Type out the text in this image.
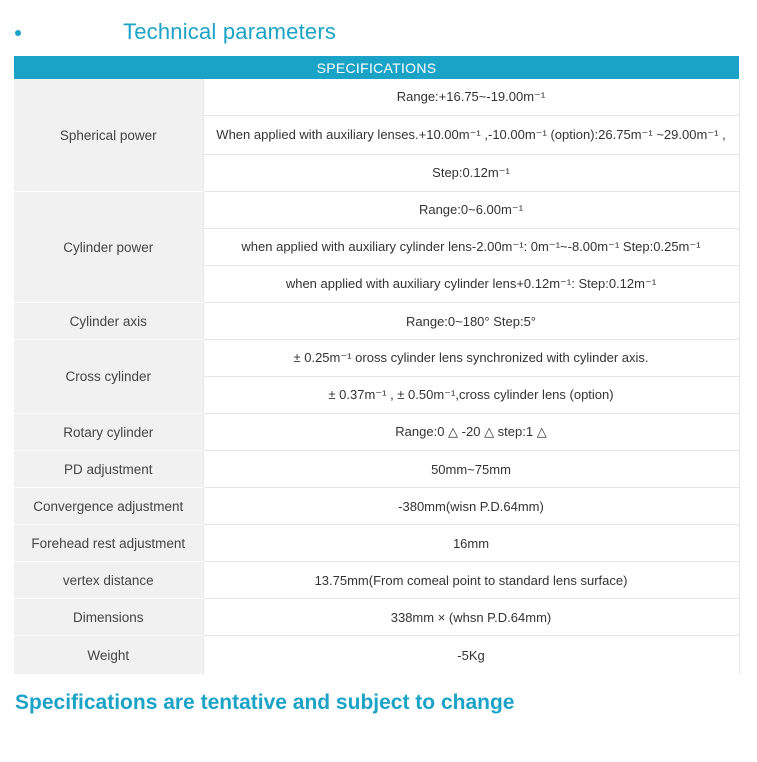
Technical parameters
SPECIFICATIONS	
Spherical power	Range:+16.75~-19.00m⁻¹
	When applied with auxiliary lenses.+10.00m⁻¹ ,-10.00m⁻¹ (option):26.75m⁻¹ ~29.00m⁻¹ ,
	Step:0.12m⁻¹
Cylinder power	Range:0~6.00m⁻¹
	when applied with auxiliary cylinder lens-2.00m⁻¹: 0m⁻¹~-8.00m⁻¹ Step:0.25m⁻¹
	when applied with auxiliary cylinder lens+0.12m⁻¹: Step:0.12m⁻¹
Cylinder axis	Range:0~180° Step:5°
Cross cylinder	± 0.25m⁻¹ oross cylinder lens synchronized with cylinder axis.
	± 0.37m⁻¹ , ± 0.50m⁻¹,cross cylinder lens (option)
Rotary cylinder	Range:0 △ -20 △ step:1 △
PD adjustment	50mm~75mm
Convergence adjustment	-380mm(wisn P.D.64mm)
Forehead rest adjustment	16mm
vertex distance	13.75mm(From comeal point to standard lens surface)
Dimensions	338mm × (whsn P.D.64mm)
Weight	-5Kg
Specifications are tentative and subject to change
